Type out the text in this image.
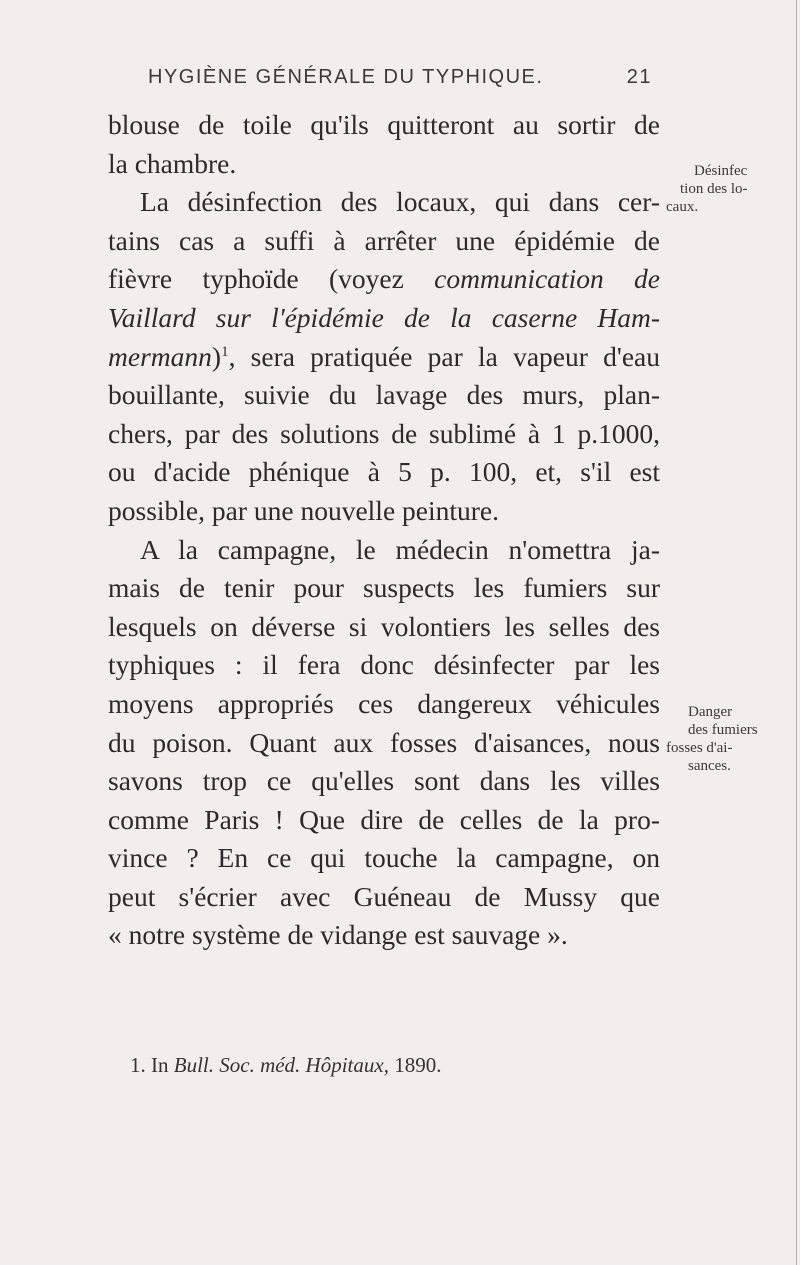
HYGIÈNE GÉNÉRALE DU TYPHIQUE.	21
blouse de toile qu'ils quitteront au sortir de
la chambre.
La désinfection des locaux, qui dans cer-
tains cas a suffi à arrêter une épidémie de
fièvre typhoïde (voyez communication de
Vaillard sur l'épidémie de la caserne Ham-
mermann)$^1$, sera pratiquée par la vapeur d'eau
bouillante, suivie du lavage des murs, plan-
chers, par des solutions de sublimé à 1 p.1000,
ou d'acide phénique à 5 p. 100, et, s'il est
possible, par une nouvelle peinture.
A la campagne, le médecin n'omettra ja-
mais de tenir pour suspects les fumiers sur
lesquels on déverse si volontiers les selles des
typhiques : il fera donc désinfecter par les
moyens appropriés ces dangereux véhicules
du poison. Quant aux fosses d'aisances, nous
savons trop ce qu'elles sont dans les villes
comme Paris ! Que dire de celles de la pro-
vince ? En ce qui touche la campagne, on
peut s'écrier avec Guéneau de Mussy que
« notre système de vidange est sauvage ».
Désinfec
tion des lo-
caux.
Danger
des fumiers
fosses d'ai-
sances.
1. In Bull. Soc. méd. Hôpitaux, 1890.
